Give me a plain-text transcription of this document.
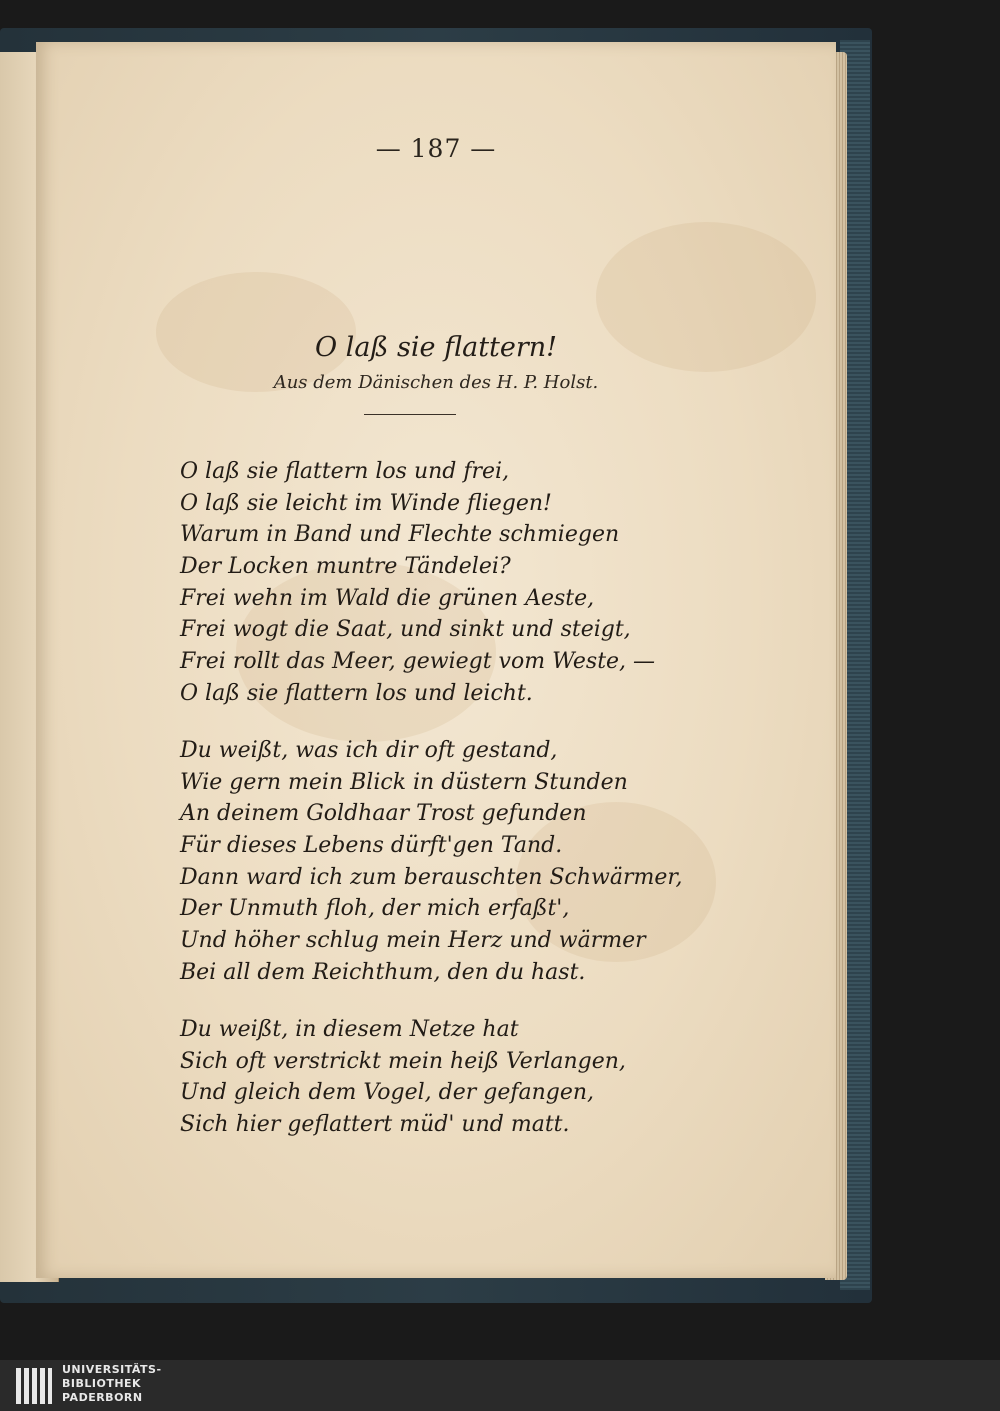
— 187 —
O laß sie flattern!
Aus dem Dänischen des H. P. Holst.
O laß sie flattern los und frei,
O laß sie leicht im Winde fliegen!
Warum in Band und Flechte schmiegen
Der Locken muntre Tändelei?
Frei wehn im Wald die grünen Aeste,
Frei wogt die Saat, und sinkt und steigt,
Frei rollt das Meer, gewiegt vom Weste, —
O laß sie flattern los und leicht.
Du weißt, was ich dir oft gestand,
Wie gern mein Blick in düstern Stunden
An deinem Goldhaar Trost gefunden
Für dieses Lebens dürft'gen Tand.
Dann ward ich zum berauschten Schwärmer,
Der Unmuth floh, der mich erfaßt',
Und höher schlug mein Herz und wärmer
Bei all dem Reichthum, den du hast.
Du weißt, in diesem Netze hat
Sich oft verstrickt mein heiß Verlangen,
Und gleich dem Vogel, der gefangen,
Sich hier geflattert müd' und matt.
UNIVERSITÄTS-
BIBLIOTHEK
PADERBORN
